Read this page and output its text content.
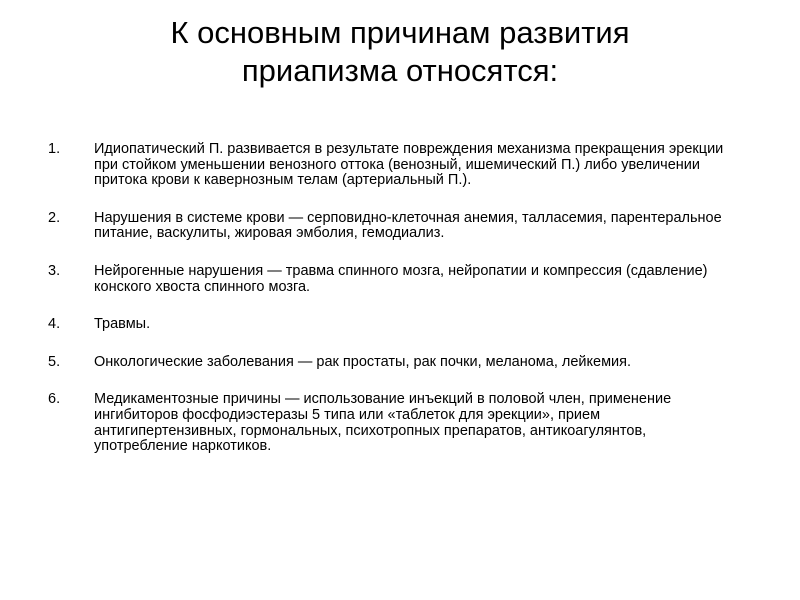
К основным причинам развития
приапизма относятся:
1. Идиопатический П. развивается в результате повреждения механизма прекращения эрекции при стойком уменьшении венозного оттока (венозный, ишемический П.) либо увеличении притока крови к кавернозным телам (артериальный П.).
2. Нарушения в системе крови — серповидно-клеточная анемия, талласемия, парентеральное питание, васкулиты, жировая эмболия, гемодиализ.
3. Нейрогенные нарушения — травма спинного мозга, нейропатии и компрессия (сдавление) конского хвоста спинного мозга.
4. Травмы.
5. Онкологические заболевания — рак простаты, рак почки, меланома, лейкемия.
6. Медикаментозные причины — использование инъекций в половой член, применение ингибиторов фосфодиэстеразы 5 типа или «таблеток для эрекции», прием антигипертензивных, гормональных, психотропных препаратов, антикоагулянтов, употребление наркотиков.
